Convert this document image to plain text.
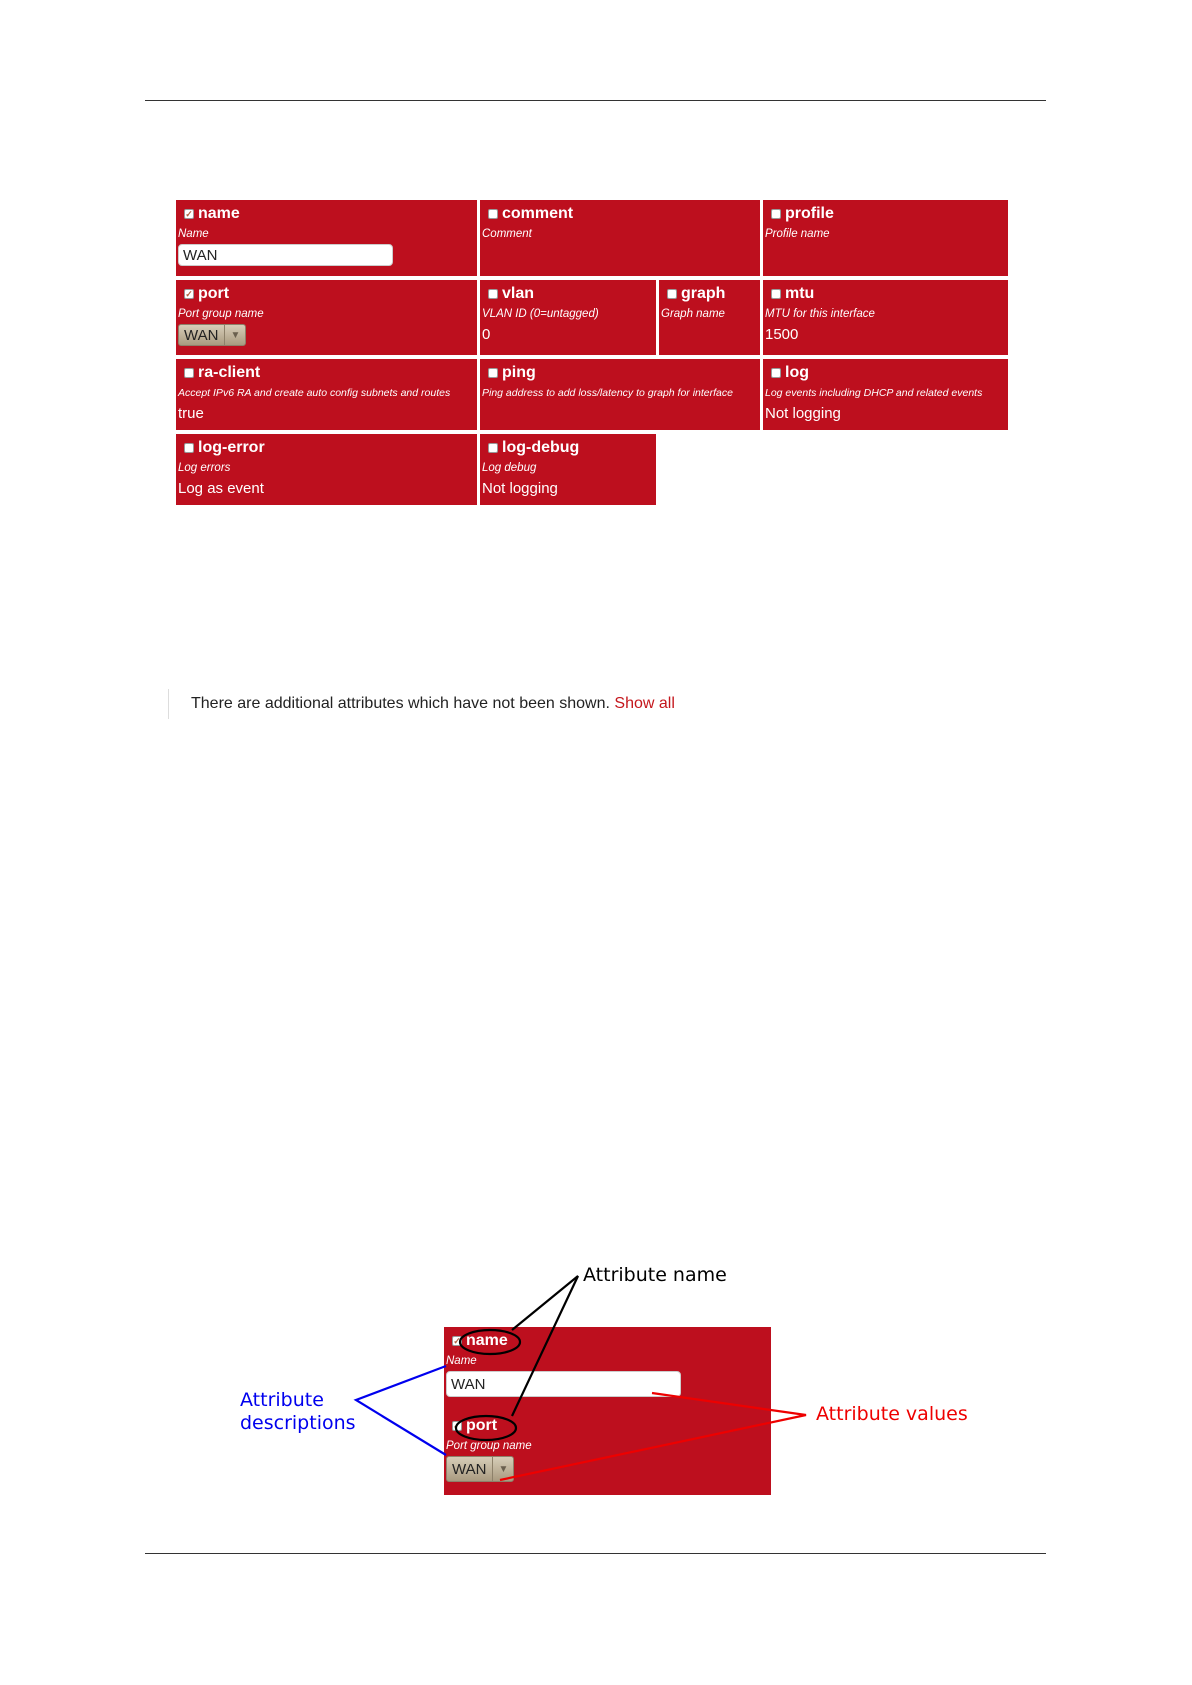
✓ name
Name
WAN
comment
Comment
profile
Profile name
✓ port
Port group name
WAN	▼
vlan
VLAN ID (0=untagged)
0
graph
Graph name
mtu
MTU for this interface
1500
ra-client
Accept IPv6 RA and create auto config subnets and routes
true
ping
Ping address to add loss/latency to graph for interface
log
Log events including DHCP and related events
Not logging
log-error
Log errors
Log as event
log-debug
Log debug
Not logging
There are additional attributes which have not been shown. Show all
✓ name
Name
WAN
✓ port
Port group name
WAN	▼
Attribute name
Attribute
descriptions	Attribute values
